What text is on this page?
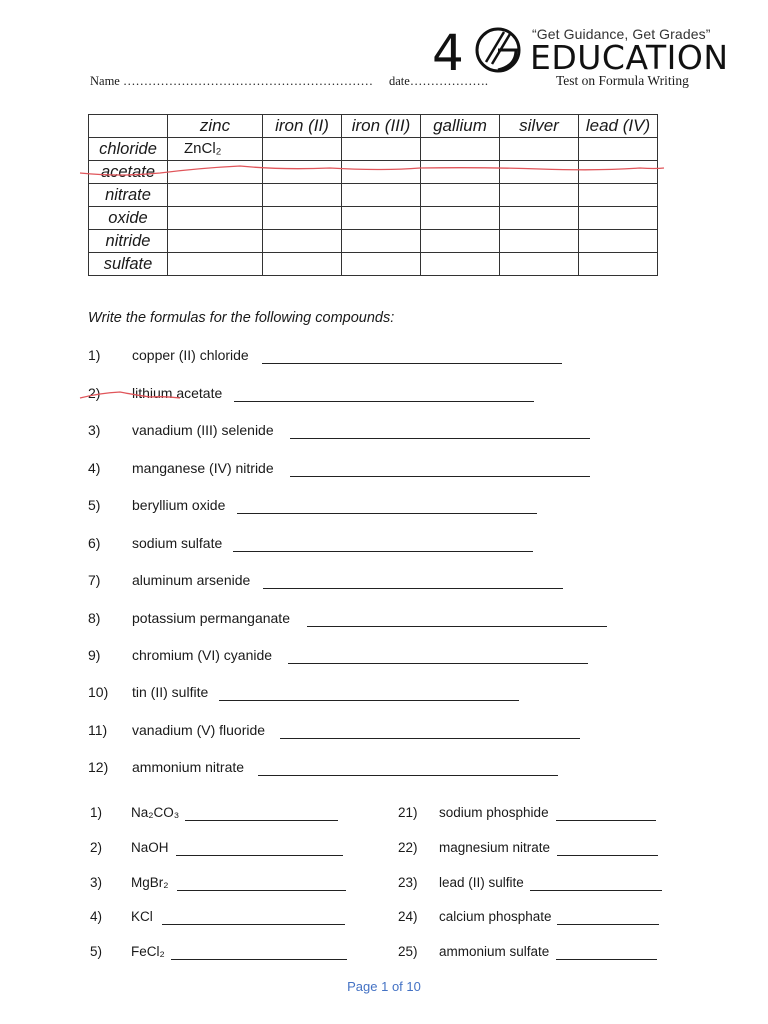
4	“Get Guidance, Get Grades”
EDUCATION
Name …………………………………………………… date……………….	Test on Formula Writing
	zinc	iron (II)	iron (III)	gallium	silver	lead (IV)
chloride	ZnCl₂					
acetate						
nitrate						
oxide						
nitride						
sulfate						
Write the formulas for the following compounds:
1) copper (II) chloride
2) lithium acetate
3) vanadium (III) selenide
4) manganese (IV) nitride
5) beryllium oxide
6) sodium sulfate
7) aluminum arsenide
8) potassium permanganate
9) chromium (VI) cyanide
10) tin (II) sulfite
11) vanadium (V) fluoride
12) ammonium nitrate
1) Na₂CO₃
2) NaOH
3) MgBr₂
4) KCl
5) FeCl₂
21) sodium phosphide
22) magnesium nitrate
23) lead (II) sulfite
24) calcium phosphate
25) ammonium sulfate
Page 1 of 10
